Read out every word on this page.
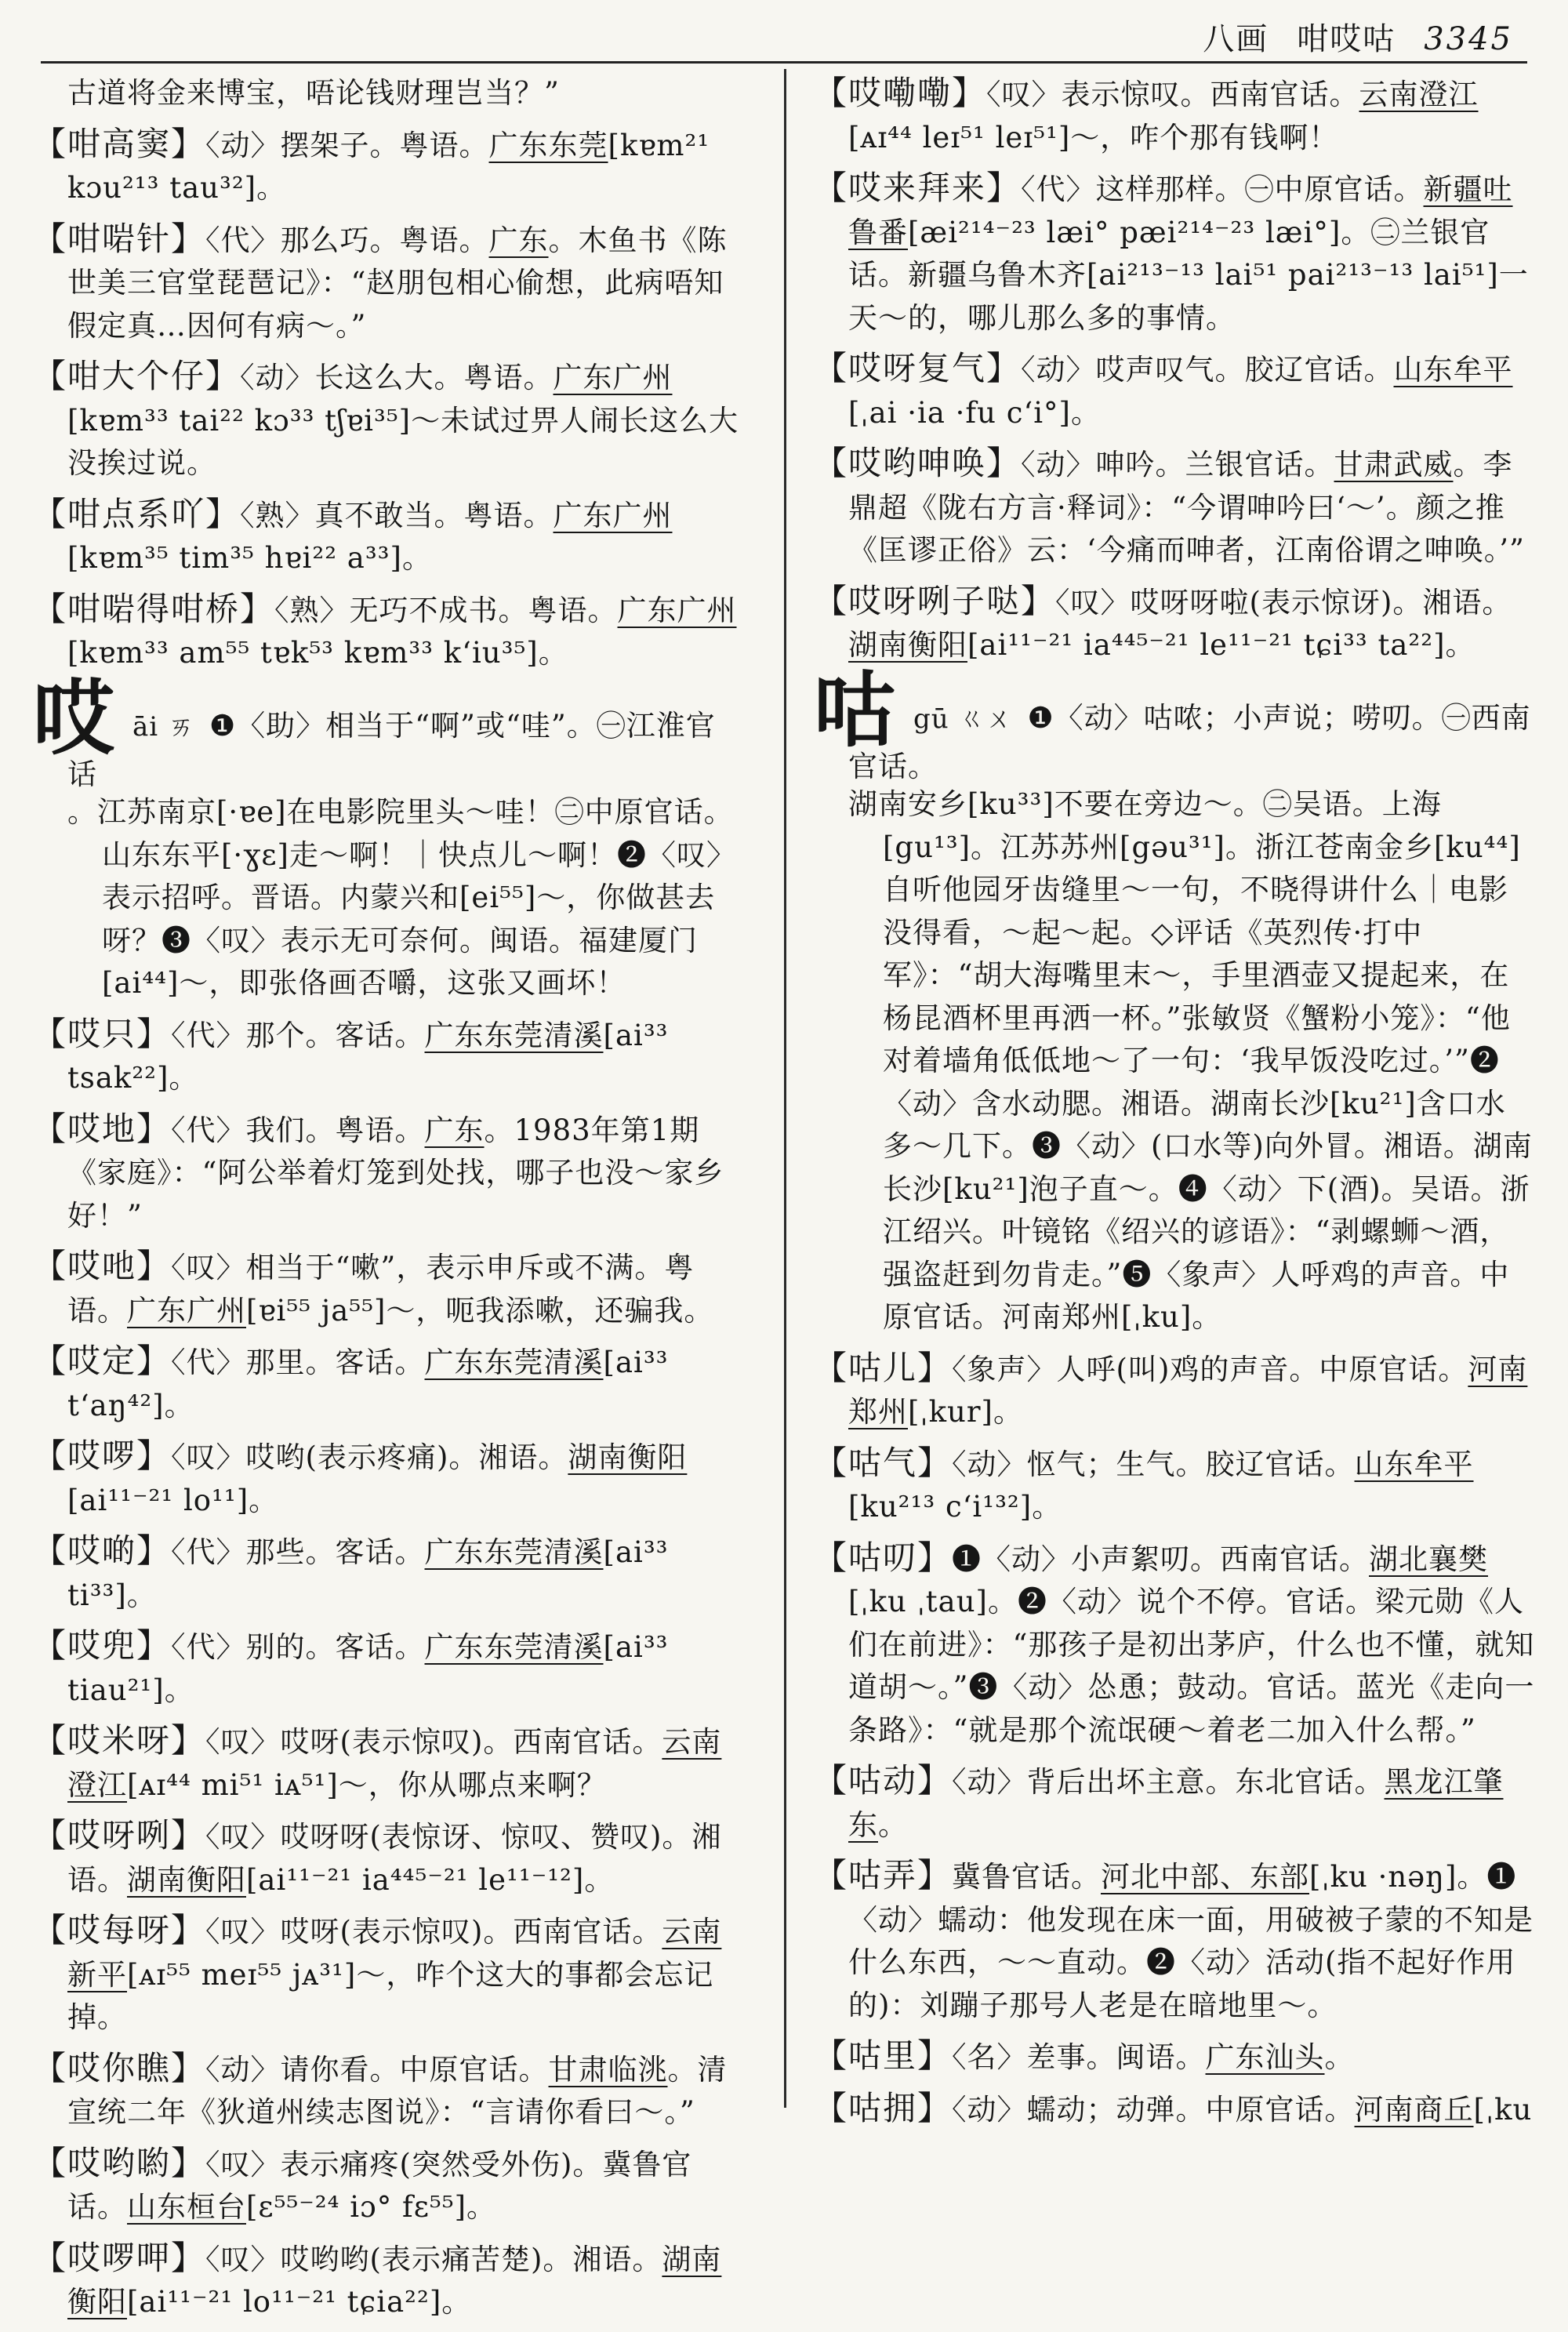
八画 咁哎咕 3345
古道将金来博宝，唔论钱财理岂当？”
【咁高窦】〈动〉摆架子。粤语。广东东莞[kɐm²¹ kɔu²¹³ tau³²]。
【咁啱针】〈代〉那么巧。粤语。广东。木鱼书《陈世美三官堂琵琶记》：“赵朋包相心偷想，此病唔知假定真…因何有病～。”
【咁大个仔】〈动〉长这么大。粤语。广东广州[kɐm³³ tai²² kɔ³³ tʃɐi³⁵]～未试过畀人闹长这么大没挨过说。
【咁点系吖】〈熟〉真不敢当。粤语。广东广州[kɐm³⁵ tim³⁵ hɐi²² a³³]。
【咁啱得咁桥】〈熟〉无巧不成书。粤语。广东广州[kɐm³³ am⁵⁵ tɐk⁵³ kɐm³³ k‘iu³⁵]。
哎āi ㄞ ❶〈助〉相当于“啊”或“哇”。㊀江淮官话
。江苏南京[·ɐe]在电影院里头～哇！㊁中原官话。山东东平[·ɣɛ]走～啊！｜快点儿～啊！❷〈叹〉表示招呼。晋语。内蒙兴和[ei⁵⁵]～，你做甚去呀？❸〈叹〉表示无可奈何。闽语。福建厦门[ai⁴⁴]～，即张佫画否嚼，这张又画坏！
【哎只】〈代〉那个。客话。广东东莞清溪[ai³³ tsak²²]。
【哎地】〈代〉我们。粤语。广东。1983年第1期《家庭》：“阿公举着灯笼到处找，哪子也没～家乡好！”
【哎吔】〈叹〉相当于“嗽”，表示申斥或不满。粤语。广东广州[ɐi⁵⁵ ja⁵⁵]～，呃我添嗽，还骗我。
【哎定】〈代〉那里。客话。广东东莞清溪[ai³³ t‘aŋ⁴²]。
【哎啰】〈叹〉哎哟(表示疼痛)。湘语。湖南衡阳[ai¹¹⁻²¹ lo¹¹]。
【哎啲】〈代〉那些。客话。广东东莞清溪[ai³³ ti³³]。
【哎兜】〈代〉别的。客话。广东东莞清溪[ai³³ tiau²¹]。
【哎米呀】〈叹〉哎呀(表示惊叹)。西南官话。云南澄江[ᴀɪ⁴⁴ mi⁵¹ iᴀ⁵¹]～，你从哪点来啊？
【哎呀咧】〈叹〉哎呀呀(表惊讶、惊叹、赞叹)。湘语。湖南衡阳[ai¹¹⁻²¹ ia⁴⁴⁵⁻²¹ le¹¹⁻¹²]。
【哎每呀】〈叹〉哎呀(表示惊叹)。西南官话。云南新平[ᴀɪ⁵⁵ meɪ⁵⁵ jᴀ³¹]～，咋个这大的事都会忘记掉。
【哎你瞧】〈动〉请你看。中原官话。甘肃临洮。清宣统二年《狄道州续志图说》：“言请你看曰～。”
【哎哟喲】〈叹〉表示痛疼(突然受外伤)。冀鲁官话。山东桓台[ɛ⁵⁵⁻²⁴ iɔ° fɛ⁵⁵]。
【哎啰呷】〈叹〉哎哟哟(表示痛苦楚)。湘语。湖南衡阳[ai¹¹⁻²¹ lo¹¹⁻²¹ tɕia²²]。
【哎嘞嘞】〈叹〉表示惊叹。西南官话。云南澄江[ᴀɪ⁴⁴ leɪ⁵¹ leɪ⁵¹]～，咋个那有钱啊！
【哎来拜来】〈代〉这样那样。㊀中原官话。新疆吐鲁番[æi²¹⁴⁻²³ læi° pæi²¹⁴⁻²³ læi°]。㊁兰银官话。新疆乌鲁木齐[ai²¹³⁻¹³ lai⁵¹ pai²¹³⁻¹³ lai⁵¹]一天～的，哪儿那么多的事情。
【哎呀复气】〈动〉哎声叹气。胶辽官话。山东牟平[ˌai ·ia ·fu c‘i°]。
【哎哟呻唤】〈动〉呻吟。兰银官话。甘肃武威。李鼎超《陇右方言·释词》：“今谓呻吟曰‘～’。颜之推《匡谬正俗》云：‘今痛而呻者，江南俗谓之呻唤。’”
【哎呀咧子哒】〈叹〉哎呀呀啦(表示惊讶)。湘语。湖南衡阳[ai¹¹⁻²¹ ia⁴⁴⁵⁻²¹ le¹¹⁻²¹ tɕi³³ ta²²]。
咕gū ㄍㄨ ❶〈动〉咕哝；小声说；唠叨。㊀西南官话。
湖南安乡[ku³³]不要在旁边～。㊁吴语。上海[gu¹³]。江苏苏州[gəu³¹]。浙江苍南金乡[ku⁴⁴]自听他园牙齿缝里～一句，不晓得讲什么｜电影没得看，～起～起。◇评话《英烈传·打中军》：“胡大海嘴里末～，手里酒壶又提起来，在杨昆酒杯里再洒一杯。”张敏贤《蟹粉小笼》：“他对着墙角低低地～了一句：‘我早饭没吃过。’”❷〈动〉含水动腮。湘语。湖南长沙[ku²¹]含口水多～几下。❸〈动〉(口水等)向外冒。湘语。湖南长沙[ku²¹]泡子直～。❹〈动〉下(酒)。吴语。浙江绍兴。叶镜铭《绍兴的谚语》：“剥螺蛳～酒，强盗赶到勿肯走。”❺〈象声〉人呼鸡的声音。中原官话。河南郑州[ˌku]。
【咕儿】〈象声〉人呼(叫)鸡的声音。中原官话。河南郑州[ˌkur]。
【咕气】〈动〉怄气；生气。胶辽官话。山东牟平[ku²¹³ c‘i¹³²]。
【咕叨】❶〈动〉小声絮叨。西南官话。湖北襄樊[ˌku ˌtau]。❷〈动〉说个不停。官话。梁元勋《人们在前进》：“那孩子是初出茅庐，什么也不懂，就知道胡～。”❸〈动〉怂恿；鼓动。官话。蓝光《走向一条路》：“就是那个流氓硬～着老二加入什么帮。”
【咕动】〈动〉背后出坏主意。东北官话。黑龙江肇东。
【咕弄】冀鲁官话。河北中部、东部[ˌku ·nəŋ]。❶〈动〉蠕动：他发现在床一面，用破被子蒙的不知是什么东西，～～直动。❷〈动〉活动(指不起好作用的)：刘蹦子那号人老是在暗地里～。
【咕里】〈名〉差事。闽语。广东汕头。
【咕拥】〈动〉蠕动；动弹。中原官话。河南商丘[ˌku
